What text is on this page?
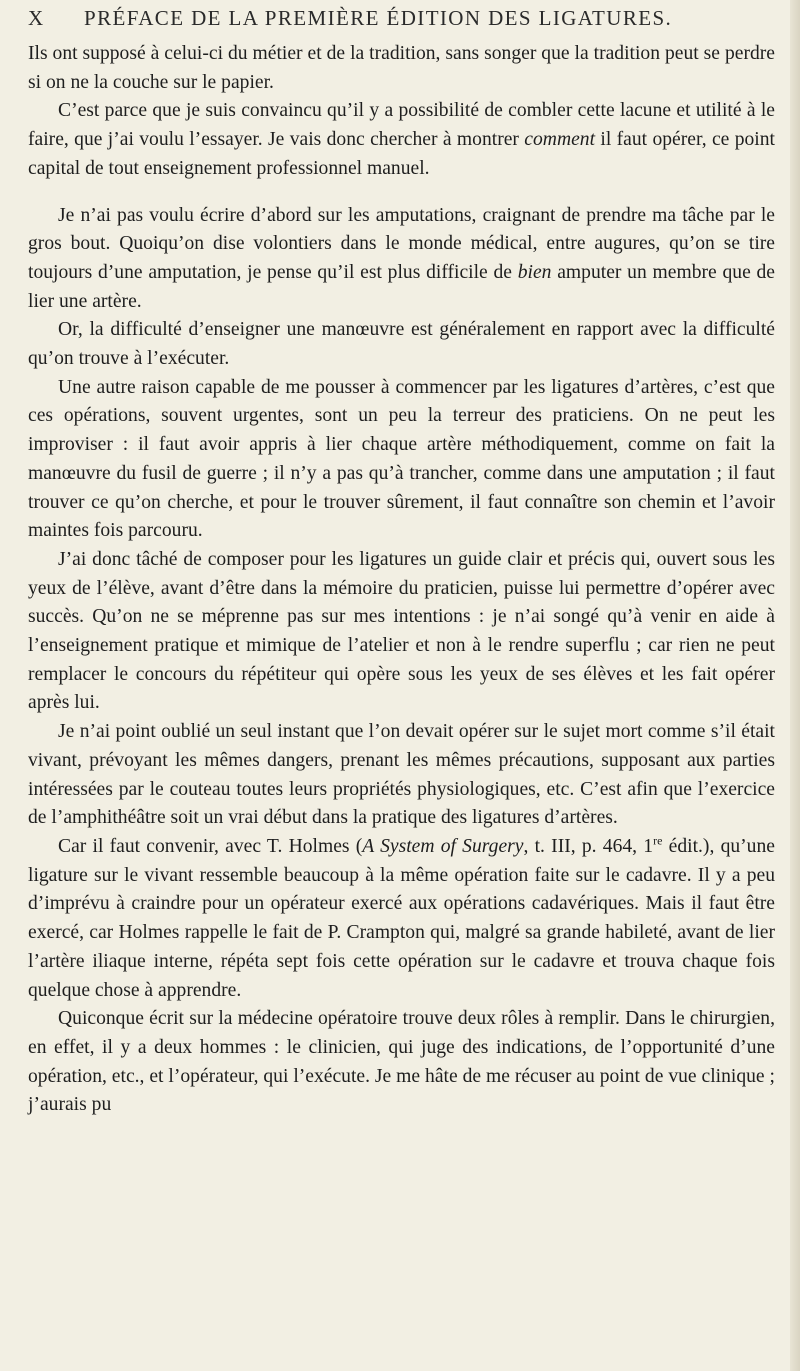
X PRÉFACE DE LA PREMIÈRE ÉDITION DES LIGATURES.

Ils ont supposé à celui-ci du métier et de la tradition, sans songer que la tradition peut se perdre si on ne la couche sur le papier.

C’est parce que je suis convaincu qu’il y a possibilité de combler cette lacune et utilité à le faire, que j’ai voulu l’essayer. Je vais donc chercher à montrer comment il faut opérer, ce point capital de tout enseignement professionnel manuel.

Je n’ai pas voulu écrire d’abord sur les amputations, craignant de prendre ma tâche par le gros bout. Quoiqu’on dise volontiers dans le monde médical, entre augures, qu’on se tire toujours d’une amputation, je pense qu’il est plus difficile de bien amputer un membre que de lier une artère.

Or, la difficulté d’enseigner une manœuvre est généralement en rapport avec la difficulté qu’on trouve à l’exécuter.

Une autre raison capable de me pousser à commencer par les ligatures d’artères, c’est que ces opérations, souvent urgentes, sont un peu la terreur des praticiens. On ne peut les improviser : il faut avoir appris à lier chaque artère méthodiquement, comme on fait la manœuvre du fusil de guerre ; il n’y a pas qu’à trancher, comme dans une amputation ; il faut trouver ce qu’on cherche, et pour le trouver sûrement, il faut connaître son chemin et l’avoir maintes fois parcouru.

J’ai donc tâché de composer pour les ligatures un guide clair et précis qui, ouvert sous les yeux de l’élève, avant d’être dans la mémoire du praticien, puisse lui permettre d’opérer avec succès. Qu’on ne se méprenne pas sur mes intentions : je n’ai songé qu’à venir en aide à l’enseignement pratique et mimique de l’atelier et non à le rendre superflu ; car rien ne peut remplacer le concours du répétiteur qui opère sous les yeux de ses élèves et les fait opérer après lui.

Je n’ai point oublié un seul instant que l’on devait opérer sur le sujet mort comme s’il était vivant, prévoyant les mêmes dangers, prenant les mêmes précautions, supposant aux parties intéressées par le couteau toutes leurs propriétés physiologiques, etc. C’est afin que l’exercice de l’amphithéâtre soit un vrai début dans la pratique des ligatures d’artères.

Car il faut convenir, avec T. Holmes (A System of Surgery, t. III, p. 464, 1re édit.), qu’une ligature sur le vivant ressemble beaucoup à la même opération faite sur le cadavre. Il y a peu d’imprévu à craindre pour un opérateur exercé aux opérations cadavériques. Mais il faut être exercé, car Holmes rappelle le fait de P. Crampton qui, malgré sa grande habileté, avant de lier l’artère iliaque interne, répéta sept fois cette opération sur le cadavre et trouva chaque fois quelque chose à apprendre.

Quiconque écrit sur la médecine opératoire trouve deux rôles à remplir. Dans le chirurgien, en effet, il y a deux hommes : le clinicien, qui juge des indications, de l’opportunité d’une opération, etc., et l’opérateur, qui l’exécute. Je me hâte de me récuser au point de vue clinique ; j’aurais pu
